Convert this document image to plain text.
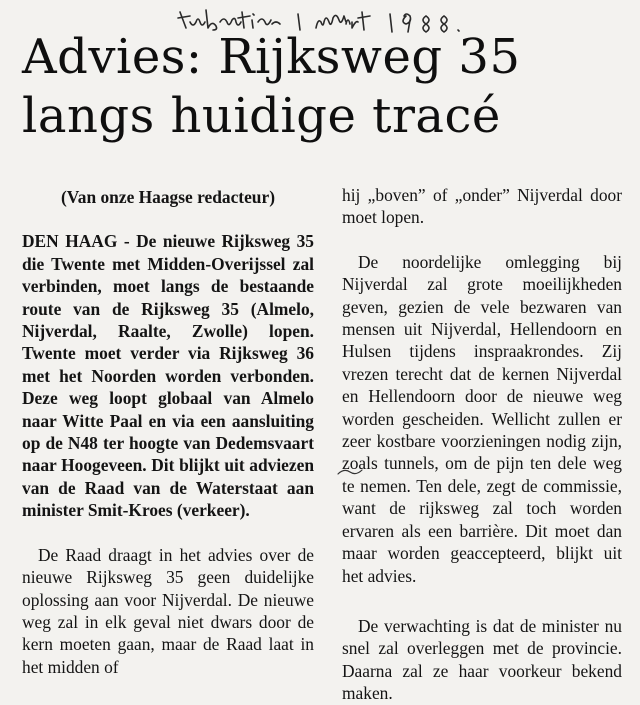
Advies: Rijksweg 35
langs huidige tracé
(Van onze Haagse redacteur)

DEN HAAG - De nieuwe Rijksweg 35 die Twente met Midden-Overijssel zal verbinden, moet langs de bestaande route van de Rijksweg 35 (Almelo, Nijverdal, Raalte, Zwolle) lopen. Twente moet verder via Rijksweg 36 met het Noorden worden verbonden. Deze weg loopt globaal van Almelo naar Witte Paal en via een aansluiting op de N48 ter hoogte van Dedemsvaart naar Hoogeveen. Dit blijkt uit adviezen van de Raad van de Waterstaat aan minister Smit-Kroes (verkeer).

De Raad draagt in het advies over de nieuwe Rijksweg 35 geen duidelijke oplossing aan voor Nijverdal. De nieuwe weg zal in elk geval niet dwars door de kern moeten gaan, maar de Raad laat in het midden of

hij „boven” of „onder” Nijverdal door moet lopen.

De noordelijke omlegging bij Nijverdal zal grote moeilijkheden geven, gezien de vele bezwaren van mensen uit Nijverdal, Hellendoorn en Hulsen tijdens inspraakrondes. Zij vrezen terecht dat de kernen Nijverdal en Hellendoorn door de nieuwe weg worden gescheiden. Wellicht zullen er zeer kostbare voorzieningen nodig zijn, zoals tunnels, om de pijn ten dele weg te nemen. Ten dele, zegt de commissie, want de rijksweg zal toch worden ervaren als een barrière. Dit moet dan maar worden geaccepteerd, blijkt uit het advies.

De verwachting is dat de minister nu snel zal overleggen met de provincie. Daarna zal ze haar voorkeur bekend maken.
